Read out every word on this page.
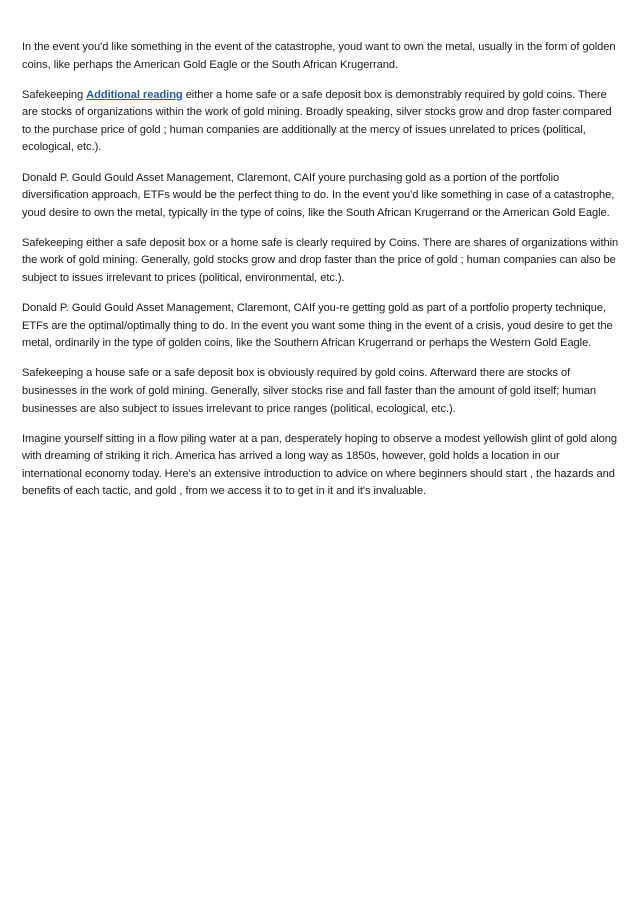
In the event you'd like something in the event of the catastrophe, youd want to own the metal, usually in the form of golden coins, like perhaps the American Gold Eagle or the South African Krugerrand.

Safekeeping Additional reading either a home safe or a safe deposit box is demonstrably required by gold coins. There are stocks of organizations within the work of gold mining. Broadly speaking, silver stocks grow and drop faster compared to the purchase price of gold ; human companies are additionally at the mercy of issues unrelated to prices (political, ecological, etc.).

Donald P. Gould Gould Asset Management, Claremont, CAIf youre purchasing gold as a portion of the portfolio diversification approach, ETFs would be the perfect thing to do. In the event you'd like something in case of a catastrophe, youd desire to own the metal, typically in the type of coins, like the South African Krugerrand or the American Gold Eagle.

Safekeeping either a safe deposit box or a home safe is clearly required by Coins. There are shares of organizations within the work of gold mining. Generally, gold stocks grow and drop faster than the price of gold ; human companies can also be subject to issues irrelevant to prices (political, environmental, etc.).

Donald P. Gould Gould Asset Management, Claremont, CAIf you-re getting gold as part of a portfolio property technique, ETFs are the optimal/optimally thing to do. In the event you want some thing in the event of a crisis, youd desire to get the metal, ordinarily in the type of golden coins, like the Southern African Krugerrand or perhaps the Western Gold Eagle.

Safekeeping a house safe or a safe deposit box is obviously required by gold coins. Afterward there are stocks of businesses in the work of gold mining. Generally, silver stocks rise and fall faster than the amount of gold itself; human businesses are also subject to issues irrelevant to price ranges (political, ecological, etc.).

Imagine yourself sitting in a flow piling water at a pan, desperately hoping to observe a modest yellowish glint of gold along with dreaming of striking it rich. America has arrived a long way as 1850s, however, gold holds a location in our international economy today. Here's an extensive introduction to advice on where beginners should start , the hazards and benefits of each tactic, and gold , from we access it to to get in it and it's invaluable.
